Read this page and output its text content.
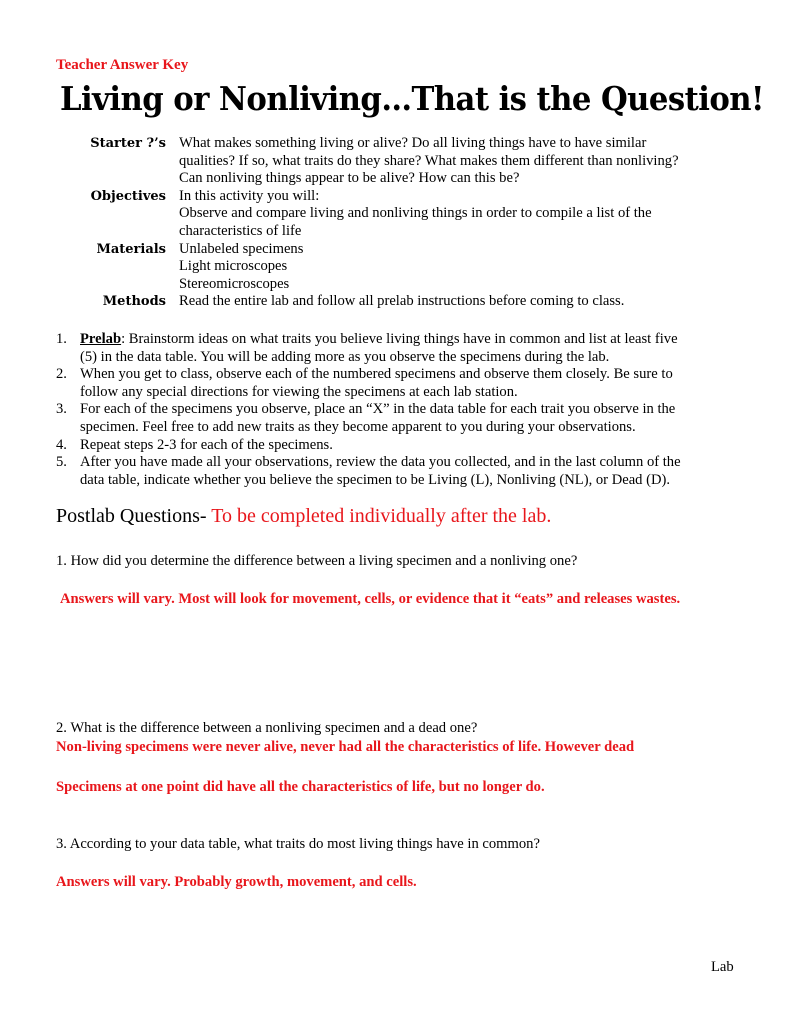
Teacher Answer Key
Living or Nonliving…That is the Question!
Starter ?’s What makes something living or alive? Do all living things have to have similar

qualities? If so, what traits do they share? What makes them different than nonliving?

Can nonliving things appear to be alive? How can this be?

Objectives In this activity you will:

Observe and compare living and nonliving things in order to compile a list of the

characteristics of life

Materials Unlabeled specimens

Light microscopes

Stereomicroscopes

Methods Read the entire lab and follow all prelab instructions before coming to class.

1. Prelab: Brainstorm ideas on what traits you believe living things have in common and list at least five
(5) in the data table. You will be adding more as you observe the specimens during the lab.
2. When you get to class, observe each of the numbered specimens and observe them closely. Be sure to
follow any special directions for viewing the specimens at each lab station.
3. For each of the specimens you observe, place an “X” in the data table for each trait you observe in the
specimen. Feel free to add new traits as they become apparent to you during your observations.
4. Repeat steps 2-3 for each of the specimens.
5. After you have made all your observations, review the data you collected, and in the last column of the
data table, indicate whether you believe the specimen to be Living (L), Nonliving (NL), or Dead (D).
Postlab Questions- To be completed individually after the lab.
1. How did you determine the difference between a living specimen and a nonliving one?
Answers will vary. Most will look for movement, cells, or evidence that it “eats” and releases wastes.
2. What is the difference between a nonliving specimen and a dead one?
Non-living specimens were never alive, never had all the characteristics of life. However dead
Specimens at one point did have all the characteristics of life, but no longer do.
3. According to your data table, what traits do most living things have in common?
Answers will vary. Probably growth, movement, and cells.
Lab
